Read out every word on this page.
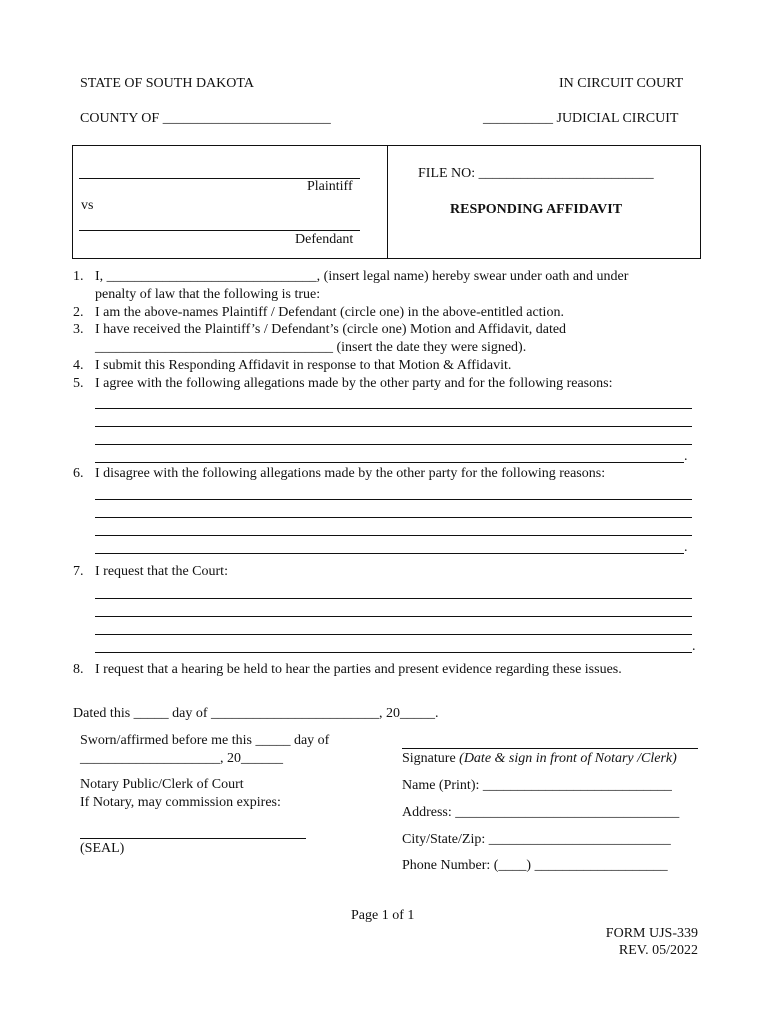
STATE OF SOUTH DAKOTA	IN CIRCUIT COURT
COUNTY OF ________________________	__________ JUDICIAL CIRCUIT
Plaintiff
vs
Defendant
FILE NO: _________________________
RESPONDING AFFIDAVIT
1. I, ______________________________, (insert legal name) hereby swear under oath and under
penalty of law that the following is true:
2. I am the above-names Plaintiff / Defendant (circle one) in the above-entitled action.
3. I have received the Plaintiff’s / Defendant’s (circle one) Motion and Affidavit, dated
__________________________________ (insert the date they were signed).
4. I submit this Responding Affidavit in response to that Motion & Affidavit.
5. I agree with the following allegations made by the other party and for the following reasons:
.
6. I disagree with the following allegations made by the other party for the following reasons:
.
7. I request that the Court:
.
8. I request that a hearing be held to hear the parties and present evidence regarding these issues.
Dated this _____ day of ________________________, 20_____.
Sworn/affirmed before me this _____ day of
____________________, 20______
Notary Public/Clerk of Court
If Notary, may commission expires:
(SEAL)
Signature (Date & sign in front of Notary /Clerk)
Name (Print): ___________________________
Address: ________________________________
City/State/Zip: __________________________
Phone Number: (____) ___________________
Page 1 of 1
FORM UJS-339
REV. 05/2022
